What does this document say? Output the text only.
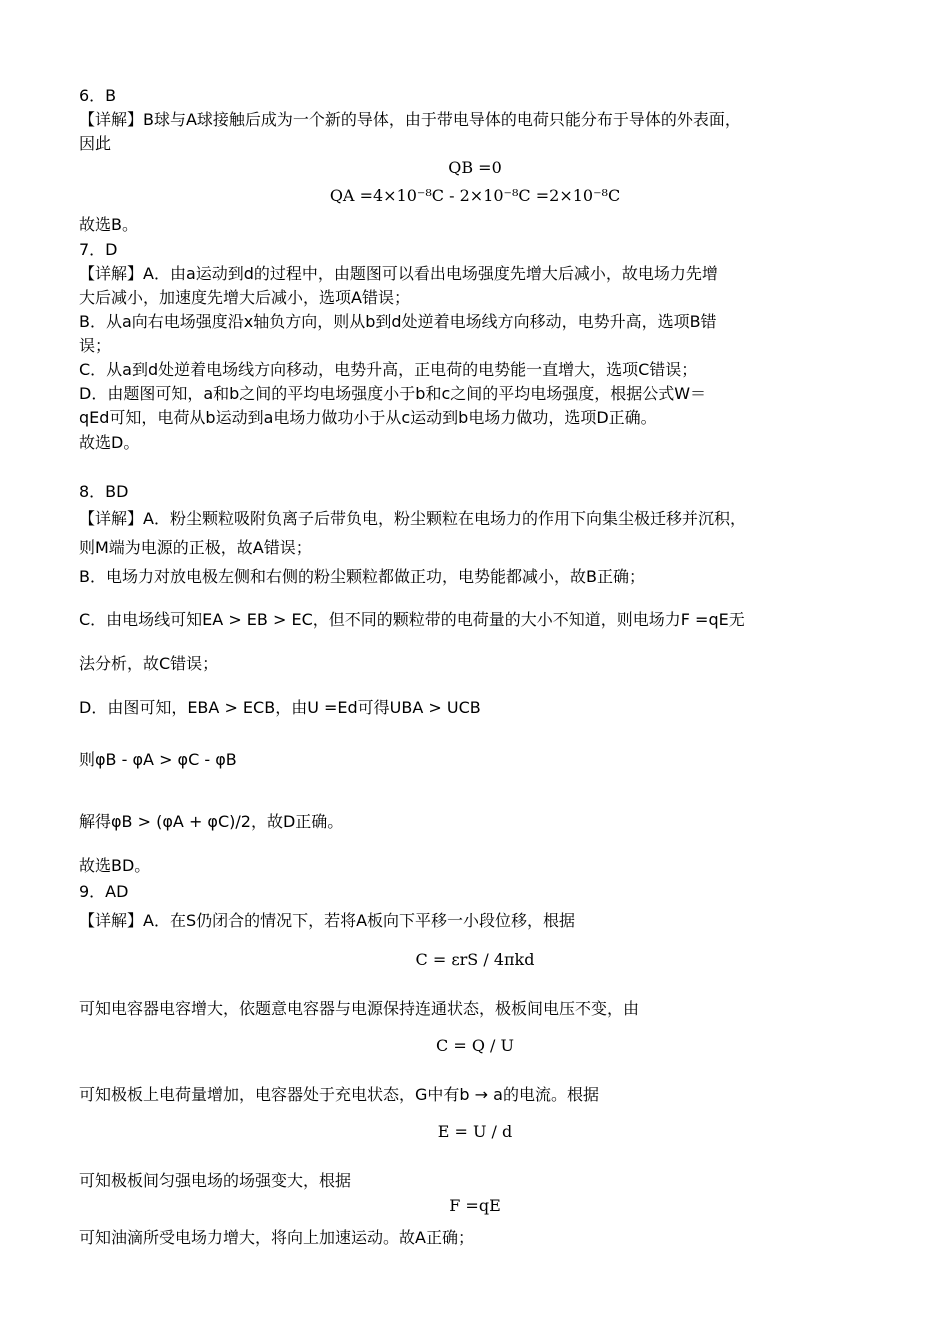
6．B
【详解】B球与A球接触后成为一个新的导体，由于带电导体的电荷只能分布于导体的外表面，
因此
QB =0
QA =4×10⁻⁸C - 2×10⁻⁸C =2×10⁻⁸C
故选B。
7．D
【详解】A．由a运动到d的过程中，由题图可以看出电场强度先增大后减小，故电场力先增
大后减小，加速度先增大后减小，选项A错误；
B．从a向右电场强度沿x轴负方向，则从b到d处逆着电场线方向移动，电势升高，选项B错
误；
C．从a到d处逆着电场线方向移动，电势升高，正电荷的电势能一直增大，选项C错误；
D．由题图可知，a和b之间的平均电场强度小于b和c之间的平均电场强度，根据公式W＝
qEd可知，电荷从b运动到a电场力做功小于从c运动到b电场力做功，选项D正确。
故选D。
8．BD
【详解】A．粉尘颗粒吸附负离子后带负电，粉尘颗粒在电场力的作用下向集尘极迁移并沉积，
则M端为电源的正极，故A错误；
B．电场力对放电极左侧和右侧的粉尘颗粒都做正功，电势能都减小，故B正确；
C．由电场线可知EA > EB > EC，但不同的颗粒带的电荷量的大小不知道，则电场力F =qE无
法分析，故C错误；
D．由图可知，EBA > ECB，由U =Ed可得UBA > UCB
则φB - φA > φC - φB
解得φB > (φA + φC)/2，故D正确。
故选BD。
9．AD
【详解】A．在S仍闭合的情况下，若将A板向下平移一小段位移，根据
C = εrS / 4πkd
可知电容器电容增大，依题意电容器与电源保持连通状态，极板间电压不变，由
C = Q / U
可知极板上电荷量增加，电容器处于充电状态，G中有b → a的电流。根据
E = U / d
可知极板间匀强电场的场强变大，根据
F =qE
可知油滴所受电场力增大，将向上加速运动。故A正确；
